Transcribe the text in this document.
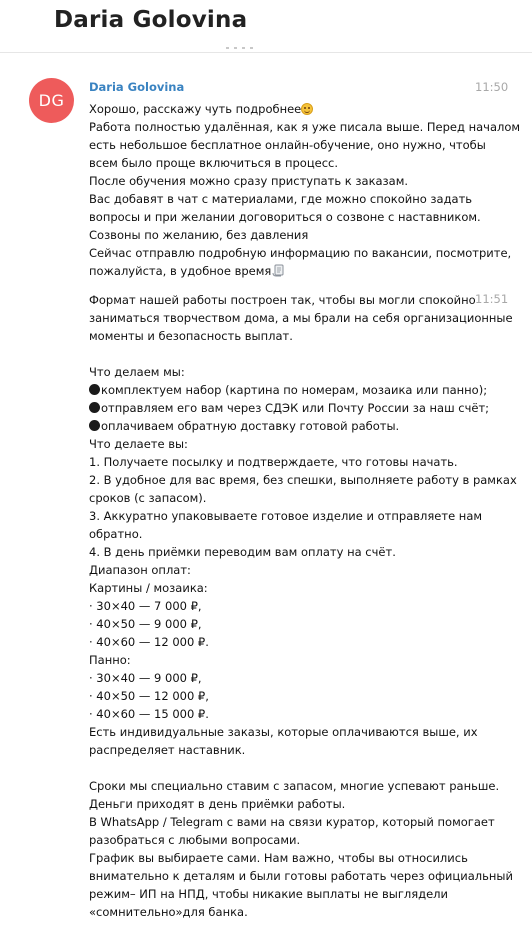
Daria Golovina
DG
Daria Golovina	11:50
11:51
Хорошо, расскажу чуть подробнее
Работа полностью удалённая, как я уже писала выше. Перед началом
есть небольшое бесплатное онлайн-обучение, оно нужно, чтобы
всем было проще включиться в процесс.
После обучения можно сразу приступать к заказам.
Вас добавят в чат с материалами, где можно спокойно задать
вопросы и при желании договориться о созвоне с наставником.
Созвоны по желанию, без давления
Сейчас отправлю подробную информацию по вакансии, посмотрите,
пожалуйста, в удобное время
Формат нашей работы построен так, чтобы вы могли спокойно
заниматься творчеством дома, а мы брали на себя организационные
моменты и безопасность выплат.
Что делаем мы:
комплектуем набор (картина по номерам, мозаика или панно);
отправляем его вам через СДЭК или Почту России за наш счёт;
оплачиваем обратную доставку готовой работы.
Что делаете вы:
1. Получаете посылку и подтверждаете, что готовы начать.
2. В удобное для вас время, без спешки, выполняете работу в рамках
сроков (с запасом).
3. Аккуратно упаковываете готовое изделие и отправляете нам
обратно.
4. В день приёмки переводим вам оплату на счёт.
Диапазон оплат:
Картины / мозаика:
· 30×40 — 7 000 ₽,
· 40×50 — 9 000 ₽,
· 40×60 — 12 000 ₽.
Панно:
· 30×40 — 9 000 ₽,
· 40×50 — 12 000 ₽,
· 40×60 — 15 000 ₽.
Есть индивидуальные заказы, которые оплачиваются выше, их
распределяет наставник.
Сроки мы специально ставим с запасом, многие успевают раньше.
Деньги приходят в день приёмки работы.
В WhatsApp / Telegram с вами на связи куратор, который помогает
разобраться с любыми вопросами.
График вы выбираете сами. Нам важно, чтобы вы относились
внимательно к деталям и были готовы работать через официальный
режим– ИП на НПД, чтобы никакие выплаты не выглядели
«сомнительно»для банка.
